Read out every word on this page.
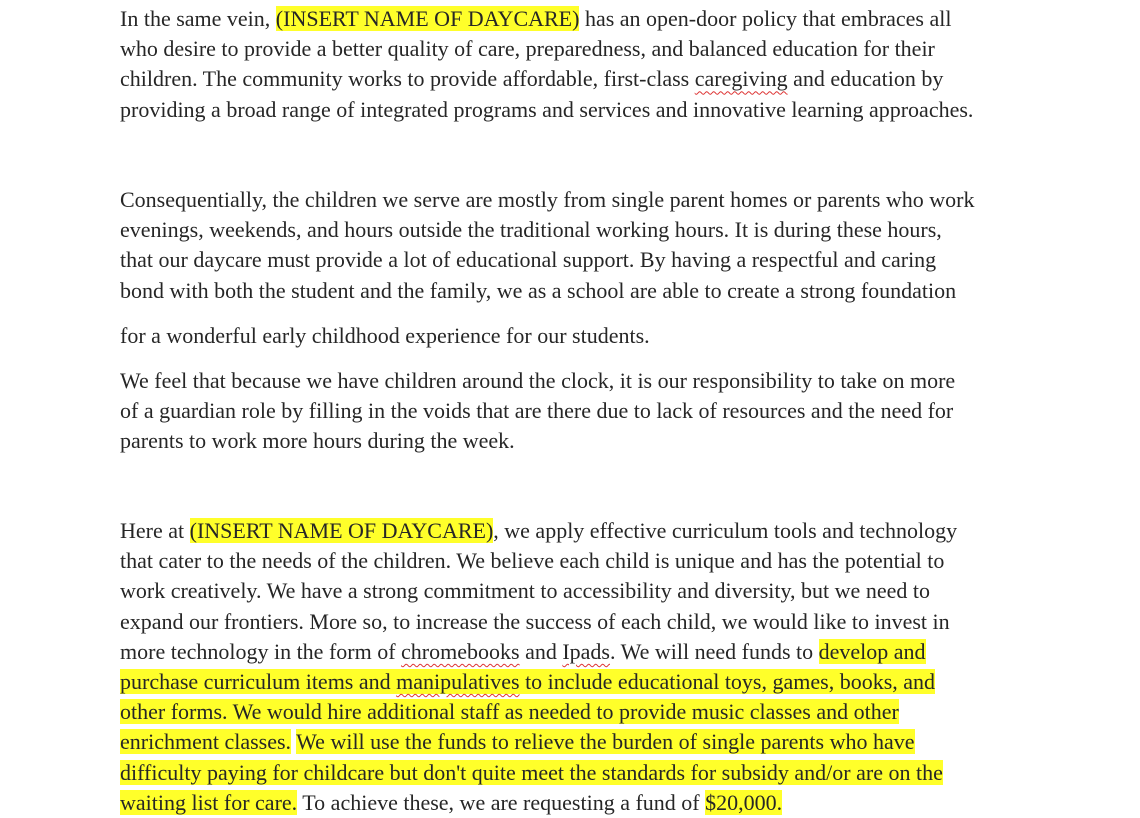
In the same vein, (INSERT NAME OF DAYCARE) has an open-door policy that embraces all
who desire to provide a better quality of care, preparedness, and balanced education for their
children. The community works to provide affordable, first-class caregiving and education by
providing a broad range of integrated programs and services and innovative learning approaches.

Consequentially, the children we serve are mostly from single parent homes or parents who work
evenings, weekends, and hours outside the traditional working hours. It is during these hours,
that our daycare must provide a lot of educational support. By having a respectful and caring
bond with both the student and the family, we as a school are able to create a strong foundation

for a wonderful early childhood experience for our students.

We feel that because we have children around the clock, it is our responsibility to take on more
of a guardian role by filling in the voids that are there due to lack of resources and the need for
parents to work more hours during the week.

Here at (INSERT NAME OF DAYCARE), we apply effective curriculum tools and technology
that cater to the needs of the children. We believe each child is unique and has the potential to
work creatively. We have a strong commitment to accessibility and diversity, but we need to
expand our frontiers. More so, to increase the success of each child, we would like to invest in
more technology in the form of chromebooks and Ipads. We will need funds to develop and
purchase curriculum items and manipulatives to include educational toys, games, books, and
other forms. We would hire additional staff as needed to provide music classes and other
enrichment classes. We will use the funds to relieve the burden of single parents who have
difficulty paying for childcare but don't quite meet the standards for subsidy and/or are on the
waiting list for care. To achieve these, we are requesting a fund of $20,000.
